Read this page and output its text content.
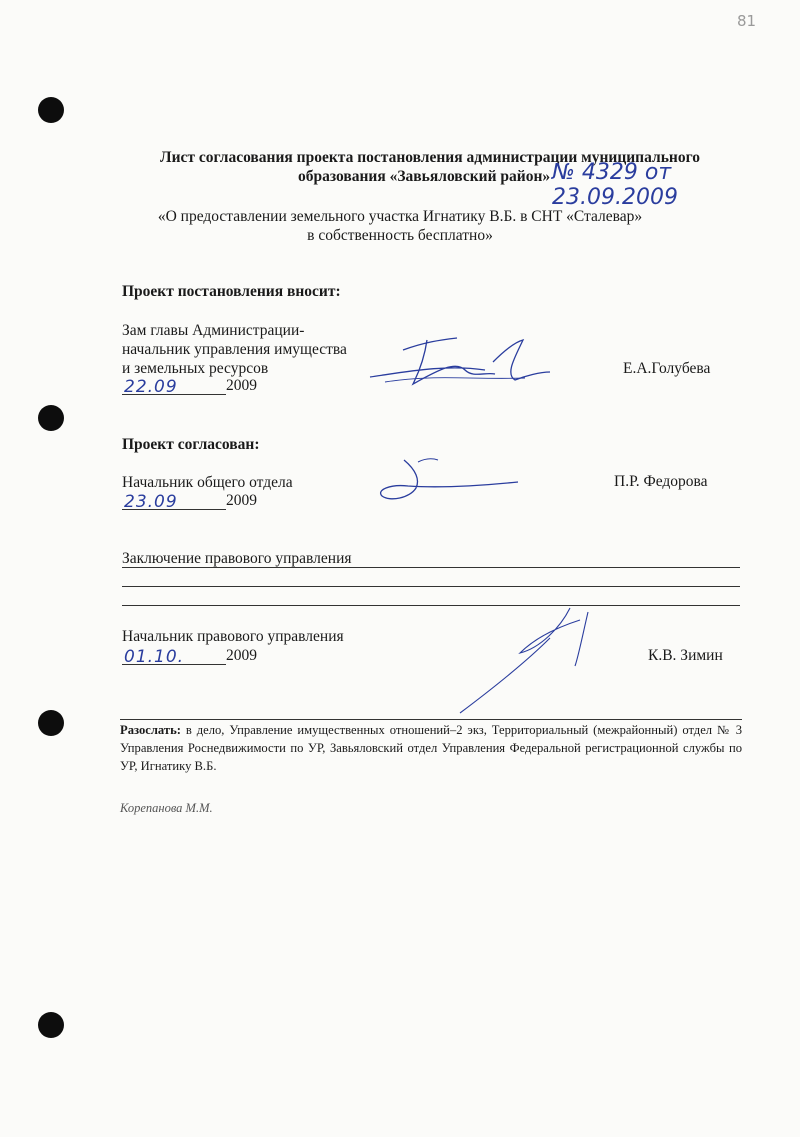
81
Лист согласования проекта постановления администрации муниципального
образования «Завьяловский район» № 4329 от 23.09.2009
«О предоставлении земельного участка Игнатику В.Б. в СНТ «Сталевар»
в собственность бесплатно»
Проект постановления вносит:
Зам главы Администрации-
начальник управления имущества
и земельных ресурсов
22.09	2009
Е.А.Голубева
Проект согласован:
Начальник общего отдела
23.09	2009
П.Р. Федорова
Заключение правового управления
Начальник правового управления
01.10.	2009	К.В. Зимин
Разослать: в дело, Управление имущественных отношений–2 экз, Территориальный (межрайонный) отдел № 3 Управления Роснедвижимости по УР, Завьяловский отдел Управления Федеральной регистрационной службы по УР, Игнатику В.Б.
Корепанова М.М.
